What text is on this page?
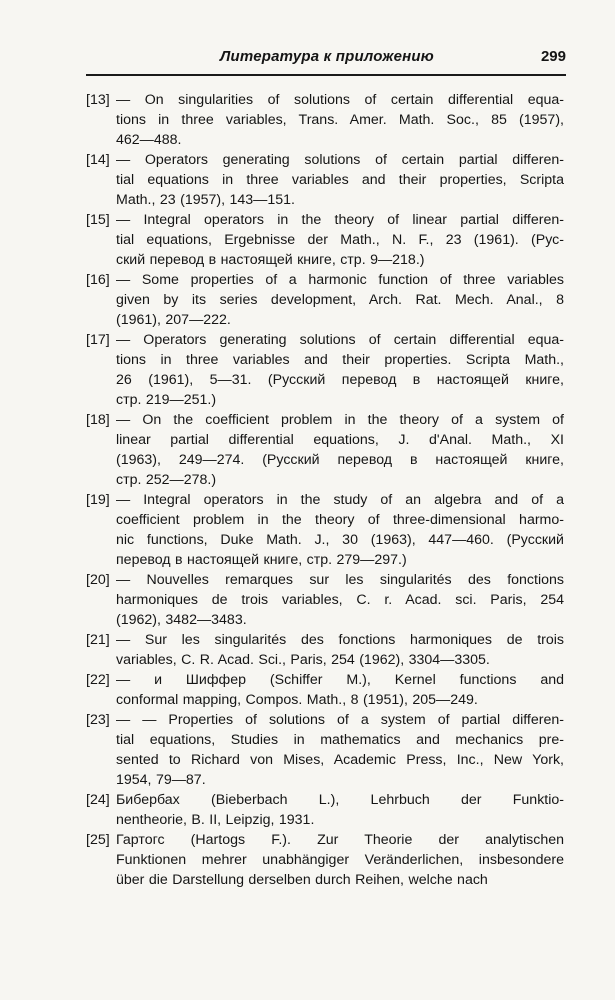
Литература к приложению	299
[13] — On singularities of solutions of certain differential equa-
tions in three variables, Trans. Amer. Math. Soc., 85 (1957),
462—488.
[14] — Operators generating solutions of certain partial differen-
tial equations in three variables and their properties, Scripta
Math., 23 (1957), 143—151.
[15] — Integral operators in the theory of linear partial differen-
tial equations, Ergebnisse der Math., N. F., 23 (1961). (Рус-
ский перевод в настоящей книге, стр. 9—218.)
[16] — Some properties of a harmonic function of three variables
given by its series development, Arch. Rat. Mech. Anal., 8
(1961), 207—222.
[17] — Operators generating solutions of certain differential equa-
tions in three variables and their properties. Scripta Math.,
26 (1961), 5—31. (Русский перевод в настоящей книге,
стр. 219—251.)
[18] — On the coefficient problem in the theory of a system of
linear partial differential equations, J. d'Anal. Math., XI
(1963), 249—274. (Русский перевод в настоящей книге,
стр. 252—278.)
[19] — Integral operators in the study of an algebra and of a
coefficient problem in the theory of three-dimensional harmo-
nic functions, Duke Math. J., 30 (1963), 447—460. (Русский
перевод в настоящей книге, стр. 279—297.)
[20] — Nouvelles remarques sur les singularités des fonctions
harmoniques de trois variables, C. r. Acad. sci. Paris, 254
(1962), 3482—3483.
[21] — Sur les singularités des fonctions harmoniques de trois
variables, C. R. Acad. Sci., Paris, 254 (1962), 3304—3305.
[22] — и Шиффер (Schiffer M.), Kernel functions and
conformal mapping, Compos. Math., 8 (1951), 205—249.
[23] — — Properties of solutions of a system of partial differen-
tial equations, Studies in mathematics and mechanics pre-
sented to Richard von Mises, Academic Press, Inc., New York,
1954, 79—87.
[24] Бибербах (Bieberbach L.), Lehrbuch der Funktio-
nentheorie, B. II, Leipzig, 1931.
[25] Гартогс (Hartogs F.). Zur Theorie der analytischen
Funktionen mehrer unabhängiger Veränderlichen, insbesondere
über die Darstellung derselben durch Reihen, welche nach
